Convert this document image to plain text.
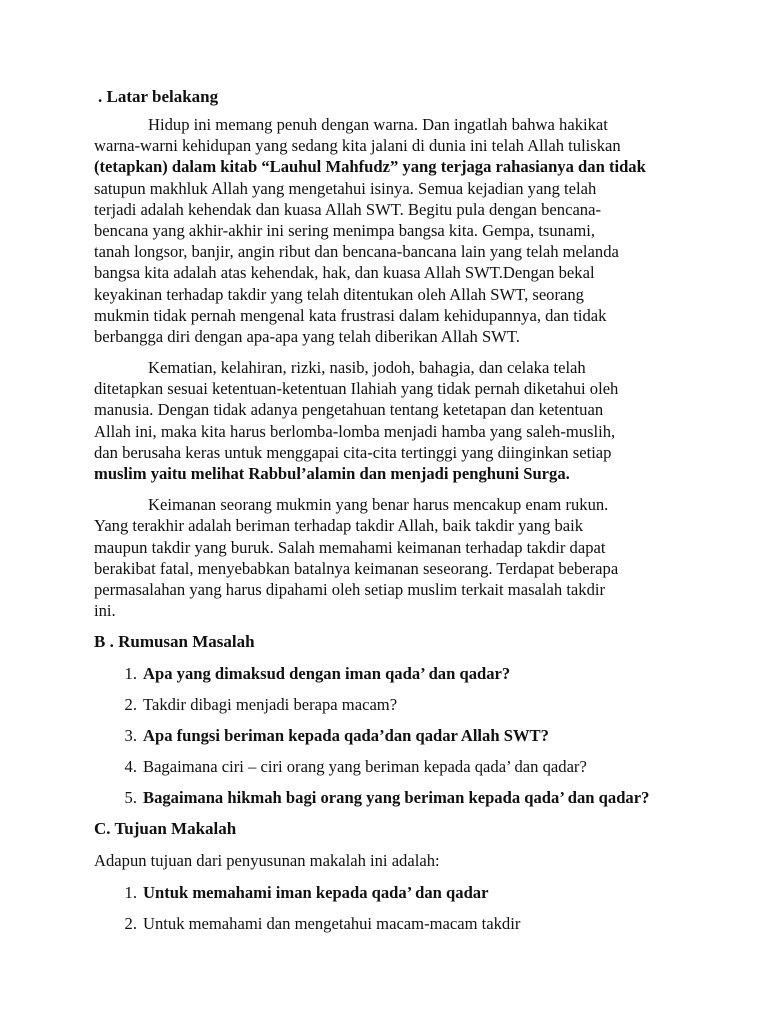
. Latar belakang
Hidup ini memang penuh dengan warna. Dan ingatlah bahwa hakikat
warna-warni kehidupan yang sedang kita jalani di dunia ini telah Allah tuliskan
(tetapkan) dalam kitab “Lauhul Mahfudz” yang terjaga rahasianya dan tidak
satupun makhluk Allah yang mengetahui isinya. Semua kejadian yang telah
terjadi adalah kehendak dan kuasa Allah SWT. Begitu pula dengan bencana-
bencana yang akhir-akhir ini sering menimpa bangsa kita. Gempa, tsunami,
tanah longsor, banjir, angin ribut dan bencana-bancana lain yang telah melanda
bangsa kita adalah atas kehendak, hak, dan kuasa Allah SWT.Dengan bekal
keyakinan terhadap takdir yang telah ditentukan oleh Allah SWT, seorang
mukmin tidak pernah mengenal kata frustrasi dalam kehidupannya, dan tidak
berbangga diri dengan apa-apa yang telah diberikan Allah SWT.
Kematian, kelahiran, rizki, nasib, jodoh, bahagia, dan celaka telah
ditetapkan sesuai ketentuan-ketentuan Ilahiah yang tidak pernah diketahui oleh
manusia. Dengan tidak adanya pengetahuan tentang ketetapan dan ketentuan
Allah ini, maka kita harus berlomba-lomba menjadi hamba yang saleh-muslih,
dan berusaha keras untuk menggapai cita-cita tertinggi yang diinginkan setiap
muslim yaitu melihat Rabbul’alamin dan menjadi penghuni Surga.
Keimanan seorang mukmin yang benar harus mencakup enam rukun.
Yang terakhir adalah beriman terhadap takdir Allah, baik takdir yang baik
maupun takdir yang buruk. Salah memahami keimanan terhadap takdir dapat
berakibat fatal, menyebabkan batalnya keimanan seseorang. Terdapat beberapa
permasalahan yang harus dipahami oleh setiap muslim terkait masalah takdir
ini.
B . Rumusan Masalah
1. Apa yang dimaksud dengan iman qada’ dan qadar?
2. Takdir dibagi menjadi berapa macam?
3. Apa fungsi beriman kepada qada’dan qadar Allah SWT?
4. Bagaimana ciri – ciri orang yang beriman kepada qada’ dan qadar?
5. Bagaimana hikmah bagi orang yang beriman kepada qada’ dan qadar?
C. Tujuan Makalah
Adapun tujuan dari penyusunan makalah ini adalah:
1. Untuk memahami iman kepada qada’ dan qadar
2. Untuk memahami dan mengetahui macam-macam takdir
